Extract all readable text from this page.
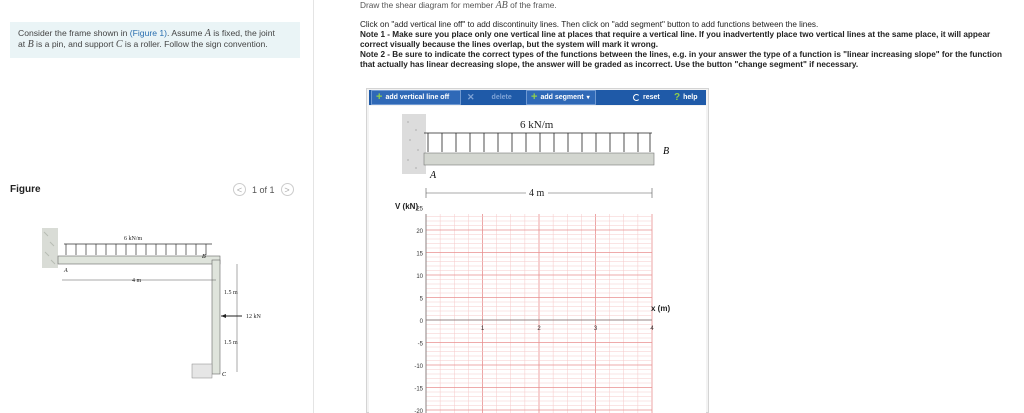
Consider the frame shown in (Figure 1). Assume A is fixed, the joint
at B is a pin, and support C is a roller. Follow the sign convention.
Figure	<	1 of 1	>
6 kN/m
A
B
C
4 m
1.5 m
1.5 m
12 kN

Draw the shear diagram for member AB of the frame.

Click on "add vertical line off" to add discontinuity lines. Then click on "add segment" button to add functions between the lines.

Note 1 - Make sure you place only one vertical line at places that require a vertical line. If you inadvertently place two vertical lines at the same place, it will appear correct visually because the lines overlap, but the system will mark it wrong.

Note 2 - Be sure to indicate the correct types of the functions between the lines, e.g. in your answer the type of a function is "linear increasing slope" for the function that actually has linear decreasing slope, the answer will be graded as incorrect. Use the button "change segment" if necessary.

+ add vertical line off ✕ delete + add segment ▾	reset ? help
6 kN/m
A
B
4 m
V (kN)
25
20
15
10
5
0
-5
-10
-15
-20
1	2	3	4
x (m)
